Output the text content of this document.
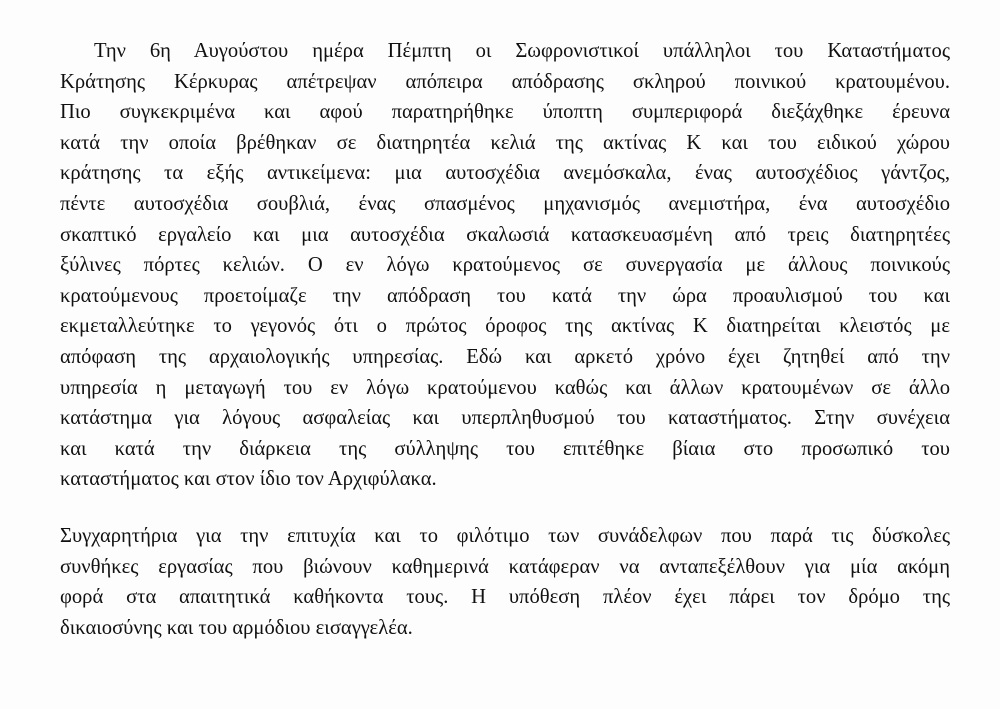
Την 6η Αυγούστου ημέρα Πέμπτη οι Σωφρονιστικοί υπάλληλοι του Καταστήματος
Κράτησης Κέρκυρας απέτρεψαν απόπειρα απόδρασης σκληρού ποινικού κρατουμένου.
Πιο συγκεκριμένα και αφού παρατηρήθηκε ύποπτη συμπεριφορά διεξάχθηκε έρευνα
κατά την οποία βρέθηκαν σε διατηρητέα κελιά της ακτίνας Κ και του ειδικού χώρου
κράτησης τα εξής αντικείμενα: μια αυτοσχέδια ανεμόσκαλα, ένας αυτοσχέδιος γάντζος,
πέντε αυτοσχέδια σουβλιά, ένας σπασμένος μηχανισμός ανεμιστήρα, ένα αυτοσχέδιο
σκαπτικό εργαλείο και μια αυτοσχέδια σκαλωσιά κατασκευασμένη από τρεις διατηρητέες
ξύλινες πόρτες κελιών. Ο εν λόγω κρατούμενος σε συνεργασία με άλλους ποινικούς
κρατούμενους προετοίμαζε την απόδραση του κατά την ώρα προαυλισμού του και
εκμεταλλεύτηκε το γεγονός ότι ο πρώτος όροφος της ακτίνας Κ διατηρείται κλειστός με
απόφαση της αρχαιολογικής υπηρεσίας. Εδώ και αρκετό χρόνο έχει ζητηθεί από την
υπηρεσία η μεταγωγή του εν λόγω κρατούμενου καθώς και άλλων κρατουμένων σε άλλο
κατάστημα για λόγους ασφαλείας και υπερπληθυσμού του καταστήματος. Στην συνέχεια
και κατά την διάρκεια της σύλληψης του επιτέθηκε βίαια στο προσωπικό του
καταστήματος και στον ίδιο τον Αρχιφύλακα.
Συγχαρητήρια για την επιτυχία και το φιλότιμο των συνάδελφων που παρά τις δύσκολες
συνθήκες εργασίας που βιώνουν καθημερινά κατάφεραν να ανταπεξέλθουν για μία ακόμη
φορά στα απαιτητικά καθήκοντα τους. Η υπόθεση πλέον έχει πάρει τον δρόμο της
δικαιοσύνης και του αρμόδιου εισαγγελέα.
